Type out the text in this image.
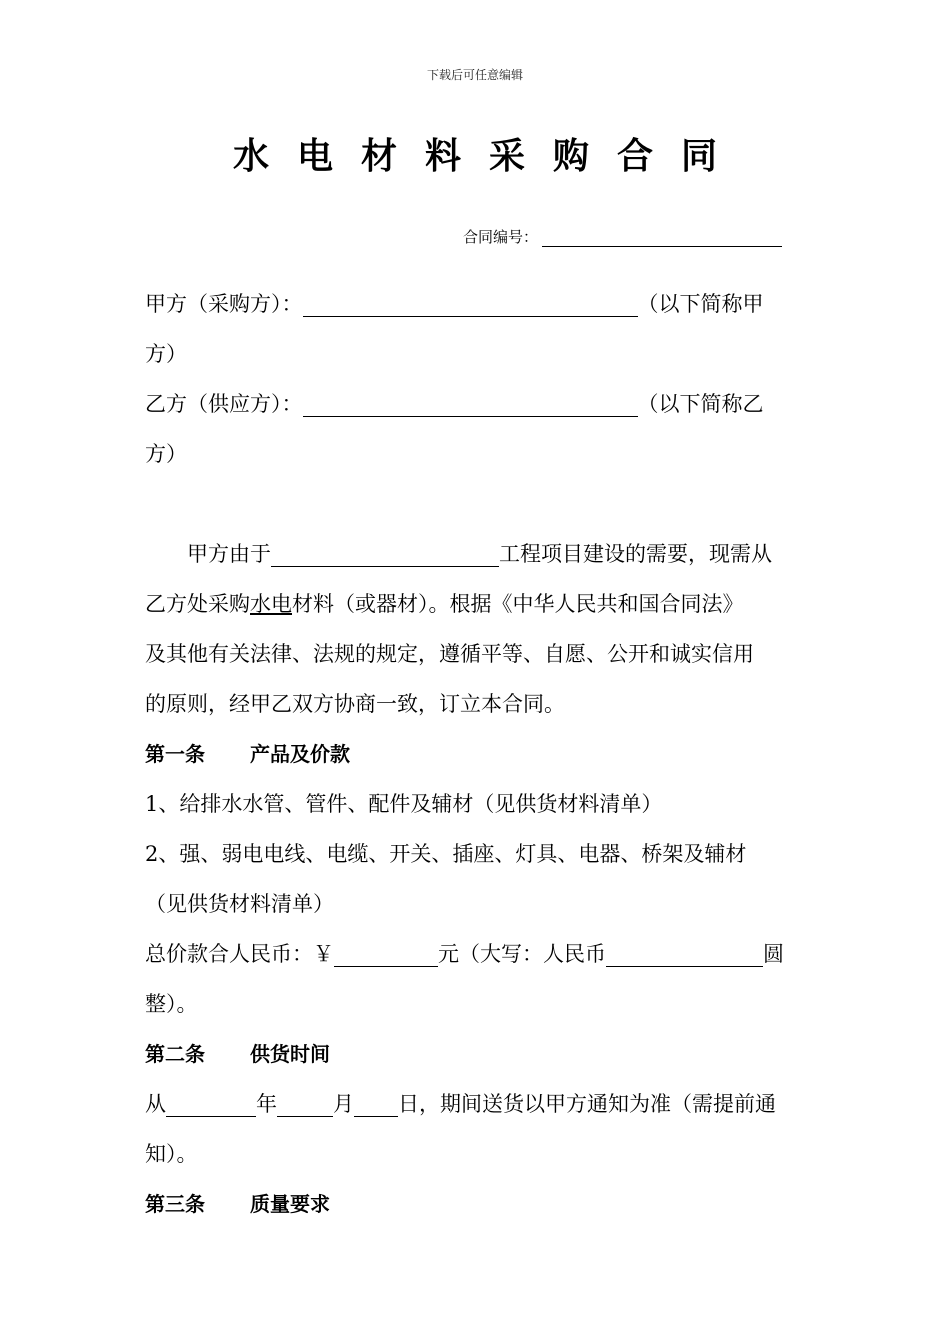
下载后可任意编辑
水电材料采购合同
合同编号：

甲方（采购方）：	（以下简称甲

方）

乙方（供应方）：	（以下简称乙

方）

甲方由于	工程项目建设的需要，现需从

乙方处采购水电材料（或器材）。根据《中华人民共和国合同法》

及其他有关法律、法规的规定，遵循平等、自愿、公开和诚实信用

的原则，经甲乙双方协商一致，订立本合同。

第一条 产品及价款

1、给排水水管、管件、配件及辅材（见供货材料清单）

2、强、弱电电线、电缆、开关、插座、灯具、电器、桥架及辅材

（见供货材料清单）

总价款合人民币：￥	元（大写：人民币	圆

整）。

第二条 供货时间

从	年	月 日，期间送货以甲方通知为准（需提前通

知）。

第三条 质量要求
